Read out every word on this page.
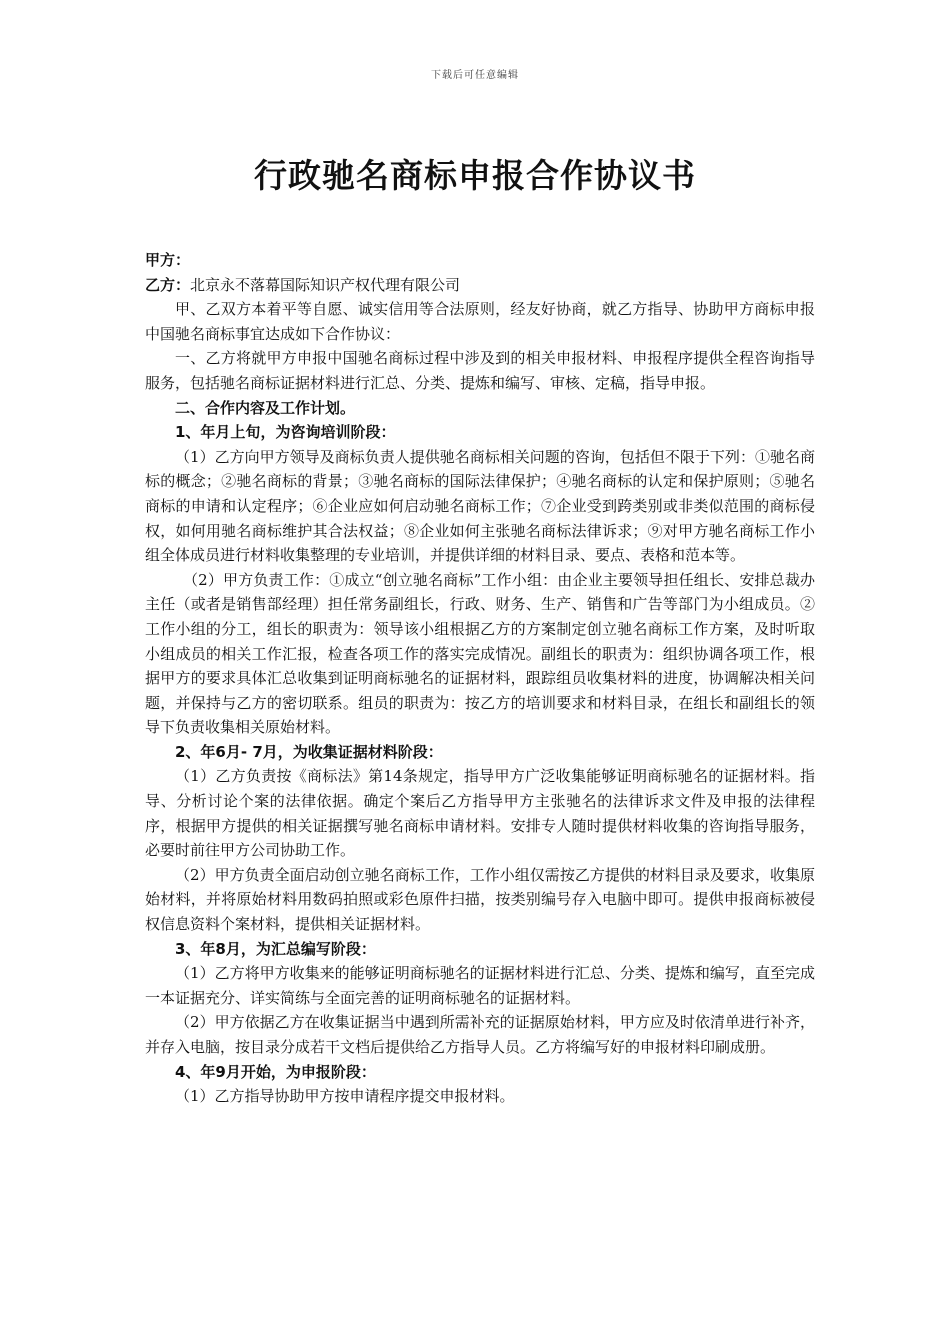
下载后可任意编辑
行政驰名商标申报合作协议书

甲方：

乙方：北京永不落幕国际知识产权代理有限公司

甲、乙双方本着平等自愿、诚实信用等合法原则，经友好协商，就乙方指导、协助甲方商标申报中国驰名商标事宜达成如下合作协议：

一、乙方将就甲方申报中国驰名商标过程中涉及到的相关申报材料、申报程序提供全程咨询指导服务，包括驰名商标证据材料进行汇总、分类、提炼和编写、审核、定稿，指导申报。

二、合作内容及工作计划。

1、年月上旬，为咨询培训阶段：

（1）乙方向甲方领导及商标负责人提供驰名商标相关问题的咨询，包括但不限于下列：①驰名商标的概念；②驰名商标的背景；③驰名商标的国际法律保护；④驰名商标的认定和保护原则；⑤驰名商标的申请和认定程序；⑥企业应如何启动驰名商标工作；⑦企业受到跨类别或非类似范围的商标侵权，如何用驰名商标维护其合法权益；⑧企业如何主张驰名商标法律诉求；⑨对甲方驰名商标工作小组全体成员进行材料收集整理的专业培训，并提供详细的材料目录、要点、表格和范本等。

（2）甲方负责工作：①成立“创立驰名商标”工作小组：由企业主要领导担任组长、安排总裁办主任（或者是销售部经理）担任常务副组长，行政、财务、生产、销售和广告等部门为小组成员。②工作小组的分工，组长的职责为：领导该小组根据乙方的方案制定创立驰名商标工作方案，及时听取小组成员的相关工作汇报，检查各项工作的落实完成情况。副组长的职责为：组织协调各项工作，根据甲方的要求具体汇总收集到证明商标驰名的证据材料，跟踪组员收集材料的进度，协调解决相关问题，并保持与乙方的密切联系。组员的职责为：按乙方的培训要求和材料目录，在组长和副组长的领导下负责收集相关原始材料。

2、年6月- 7月，为收集证据材料阶段：

（1）乙方负责按《商标法》第14条规定，指导甲方广泛收集能够证明商标驰名的证据材料。指导、分析讨论个案的法律依据。确定个案后乙方指导甲方主张驰名的法律诉求文件及申报的法律程序，根据甲方提供的相关证据撰写驰名商标申请材料。安排专人随时提供材料收集的咨询指导服务，必要时前往甲方公司协助工作。

（2）甲方负责全面启动创立驰名商标工作，工作小组仅需按乙方提供的材料目录及要求，收集原始材料，并将原始材料用数码拍照或彩色原件扫描，按类别编号存入电脑中即可。提供申报商标被侵权信息资料个案材料，提供相关证据材料。

3、年8月，为汇总编写阶段：

（1）乙方将甲方收集来的能够证明商标驰名的证据材料进行汇总、分类、提炼和编写，直至完成一本证据充分、详实简练与全面完善的证明商标驰名的证据材料。

（2）甲方依据乙方在收集证据当中遇到所需补充的证据原始材料，甲方应及时依清单进行补齐，并存入电脑，按目录分成若干文档后提供给乙方指导人员。乙方将编写好的申报材料印刷成册。

4、年9月开始，为申报阶段：

（1）乙方指导协助甲方按申请程序提交申报材料。
